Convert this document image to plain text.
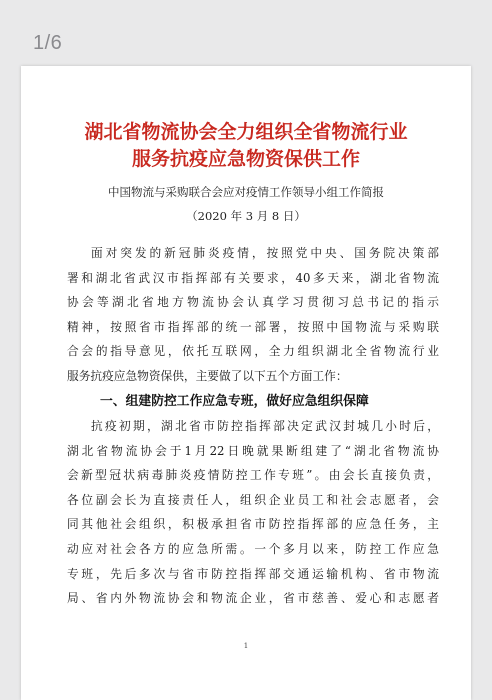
1/6
湖北省物流协会全力组织全省物流行业
服务抗疫应急物资保供工作
中国物流与采购联合会应对疫情工作领导小组工作简报
（2020 年 3 月 8 日）
面对突发的新冠肺炎疫情，按照党中央、国务院决策部
署和湖北省武汉市指挥部有关要求，40多天来，湖北省物流
协会等湖北省地方物流协会认真学习贯彻习总书记的指示
精神，按照省市指挥部的统一部署，按照中国物流与采购联
合会的指导意见，依托互联网，全力组织湖北全省物流行业
服务抗疫应急物资保供，主要做了以下五个方面工作：
一、组建防控工作应急专班，做好应急组织保障
抗疫初期，湖北省市防控指挥部决定武汉封城几小时后，
湖北省物流协会于1月22日晚就果断组建了“湖北省物流协
会新型冠状病毒肺炎疫情防控工作专班”。由会长直接负责，
各位副会长为直接责任人，组织企业员工和社会志愿者，会
同其他社会组织，积极承担省市防控指挥部的应急任务，主
动应对社会各方的应急所需。一个多月以来，防控工作应急
专班，先后多次与省市防控指挥部交通运输机构、省市物流
局、省内外物流协会和物流企业，省市慈善、爱心和志愿者
1
